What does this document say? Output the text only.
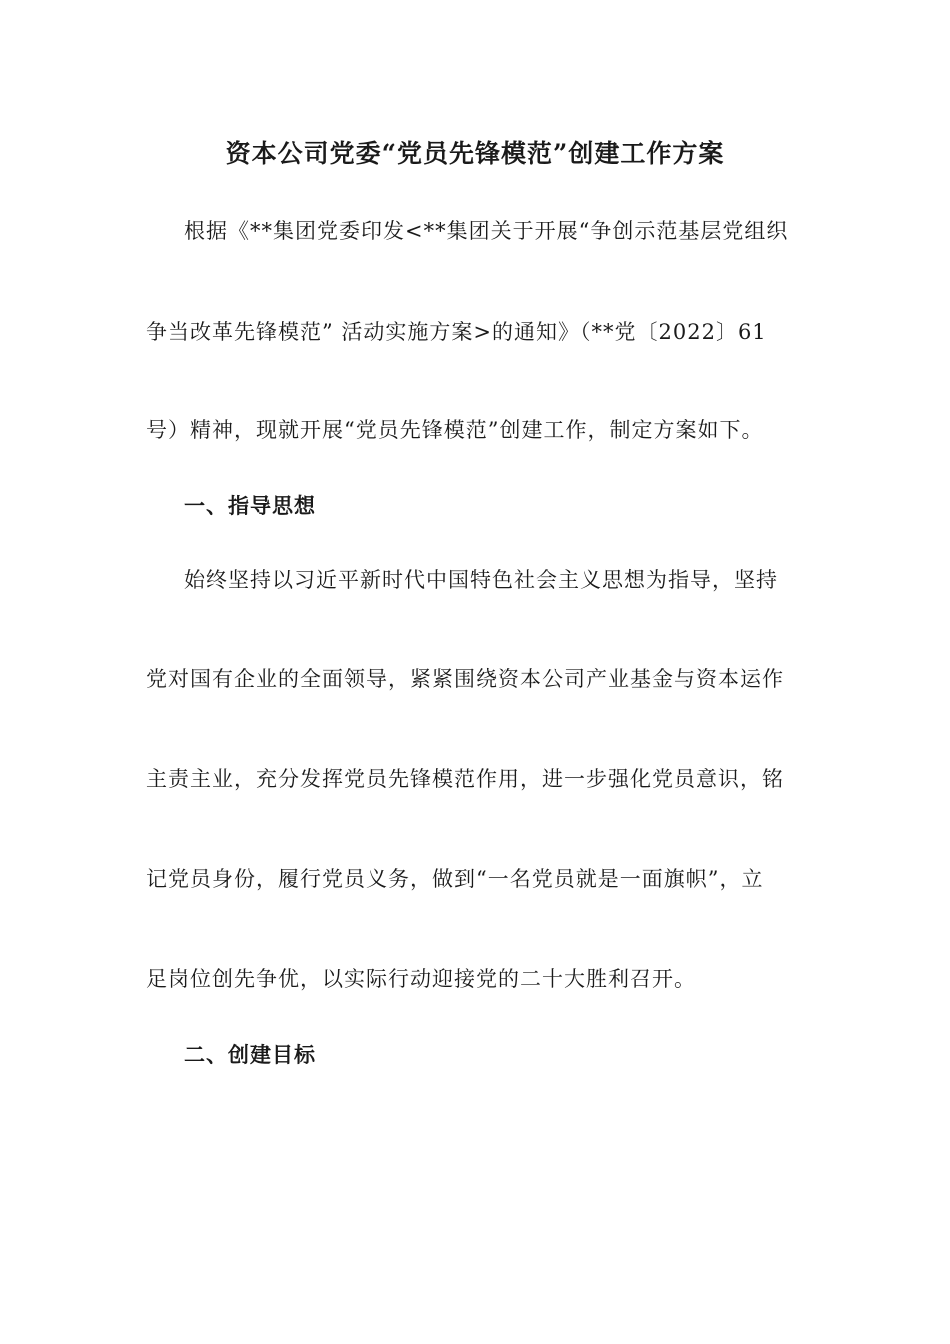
资本公司党委“党员先锋模范”创建工作方案
根据《**集团党委印发<**集团关于开展“争创示范基层党组织
争当改革先锋模范” 活动实施方案>的通知》（**党〔2022〕61
号）精神，现就开展“党员先锋模范”创建工作，制定方案如下。
一、指导思想
始终坚持以习近平新时代中国特色社会主义思想为指导，坚持
党对国有企业的全面领导，紧紧围绕资本公司产业基金与资本运作
主责主业，充分发挥党员先锋模范作用，进一步强化党员意识，铭
记党员身份，履行党员义务，做到“一名党员就是一面旗帜”，立
足岗位创先争优，以实际行动迎接党的二十大胜利召开。
二、创建目标
